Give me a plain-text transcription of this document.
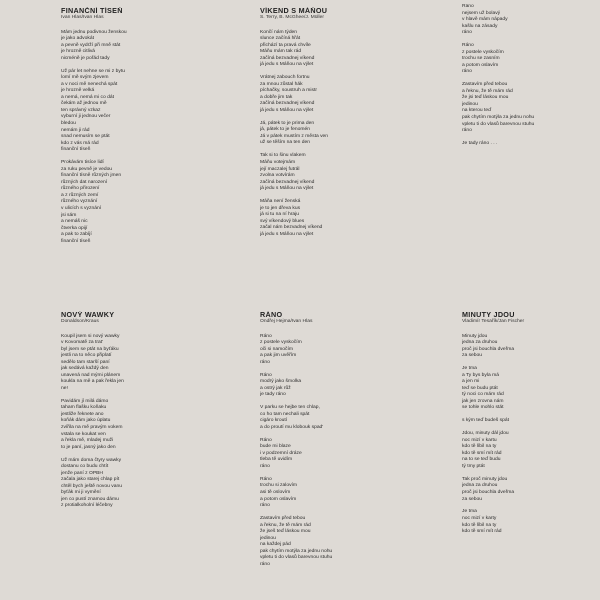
FINANČNÍ TÍSEŇ
Ivan Hlas/Ivan Hlas
Mám jednu podivnou ženskou
je jako advokát
a pevně vydrží při mně stát
je hrozně citlivá
nicméně je pořád tady
Už pár let nehne se mi z bytu
lomí mě svým zjevem
a v noci mě nenechá spát
je hrozně velká
a nemá, nemá mi co dát
čekám až jednou mě
ten správný vzkaz
vyburní ji jednou večer
bledou
nemám ji rád
snad nemusím se ptát
kdo z vás má rád
finanční tíseň
Prokávám tisíce lidí
za ruku pevně je vedou
finanční tísně různých jmen
různých dat narození
různého přirození
a z různých zemí
různého vyznání
v ulicích s vyznání
jsi sám
a nemáš nic
čtverka opijí
a pak to zabíjí
finanční tíseň
VÍKEND S MÁŇOU
S. Terry, B. McGhee/J. Müller
Končí nám týden
slunce začíná hřát
přichází ta pravá chvíle
Máňu mám tak rád
začíná bezvadnej víkend
já jedu s Máňou na výlet
Vrátnej zabouch fortnu
za mnou zůstal hák
píchačky, soustruh a mistr
a dobře jim tak
začíná bezvadnej víkend
já jedu s Máňou na výlet
Já, pátek to je prima den
já, pátek to je fenomén
Já v pátek mustím z města ven
už se těším na ten den
Tak si to šinu vlakem
Máňu votejmám
její maczalej futrál
zvolna votvírám
začíná bezvadnej víkend
já jedu s Máňou na výlet
Máňa není ženská
je to jen dřeva kus
já si tu na ní hraju
svý víkendový blues
začal nám bezvadnej víkend
já jedu s Máňou na výlet
Ráno
nejsem už bolavý
v hlavě mám nápady
kašlu na zásady
ráno
Ráno
z postele vyskočím
trochu se zasním
a potom oslavím
ráno
Zastavím před tebou
a řeknu, že tě mám rád
že jsi teď láskou mou
jedinou
na kterou teď
pak chytím motýla za jednu nohu
vpletu ti do vlasů barevnou stuhu
ráno
Je tady ráno . . .
NOVÝ WAWKY
Donaldson/Kraus
Koupil jsem si nový wawky
v Kovomatě za trat'
byl jsem se ptát na byťáku
jestli na to něco připlatí
sedělo tam starší paní
jak sedává každý den
unavená nad mými plánem
koukla na mě a pak řekla jen
ne!
Pavidám jí milá dámo
taham flašku koňaku
jestliže řeknete ano
koňák dám jako úplatu
zvířila na mě pravým vokem
vstala se koukat ven
a řekla mě, mladej muži
to je paní, jasný jako den
Už mám doma čtyry wawky
dostanu co budu chtít
jenže paní z OPBH
začala jako starej chlap pít
chtěl bych ještě novou vanu
byťák mi ji vymění
jen co pustí znamou dámu
z protialkoholní léčebny
RÁNO
Ondřej Hejma/Ivan Hlas
Ráno
z postele vyskočím
oči si namočím
a pak jim uvěřím
ráno
Ráno
modrý jako šmolka
a ostrý jak růž
je tady ráno
V parku se hejbe ten chlap,
co ho tam nechali spát
cigáro kroutí
a do proutí mu klobouk spad'
Ráno
bude mi blaze
i v podzemní dráze
tleba tě uvidím
ráno
Ráno
trochu si zalovím
asi tě oslovím
a potom oslavím
ráno
Zastavím před tebou
a řeknu, že tě mám rád
že jseš teď láskou mou
jedinou
na každej pád
pak chytím motýla za jednu nohu
vpletu ti do vlasů barevnou stuhu
ráno
MINUTY JDOU
Vladimír Tesařík/Jan Fischer
Minuty jdou
jedna za druhou
proč jsi bouchla dveřma
za sebou
Je tma
a Ty bys byla má
a jen mi
teď se budu ptát
tý noci co mám rád
jak jen zrovna nám
se tohle mohlo stát
s kým teď budeš spát
Jdou, minuty dál jdou
noc mizí v kartu
kdo tě líbil na ty
kdo tě smí mít rád
na to se teď budu
tý tmy ptát
Tak proč minuty jdou
jedna za druhou
proč jsi bouchla dveřma
za sebou
Je tma
noc mizí v karty
kdo tě líbil na ty
kdo tě smí mít rád
